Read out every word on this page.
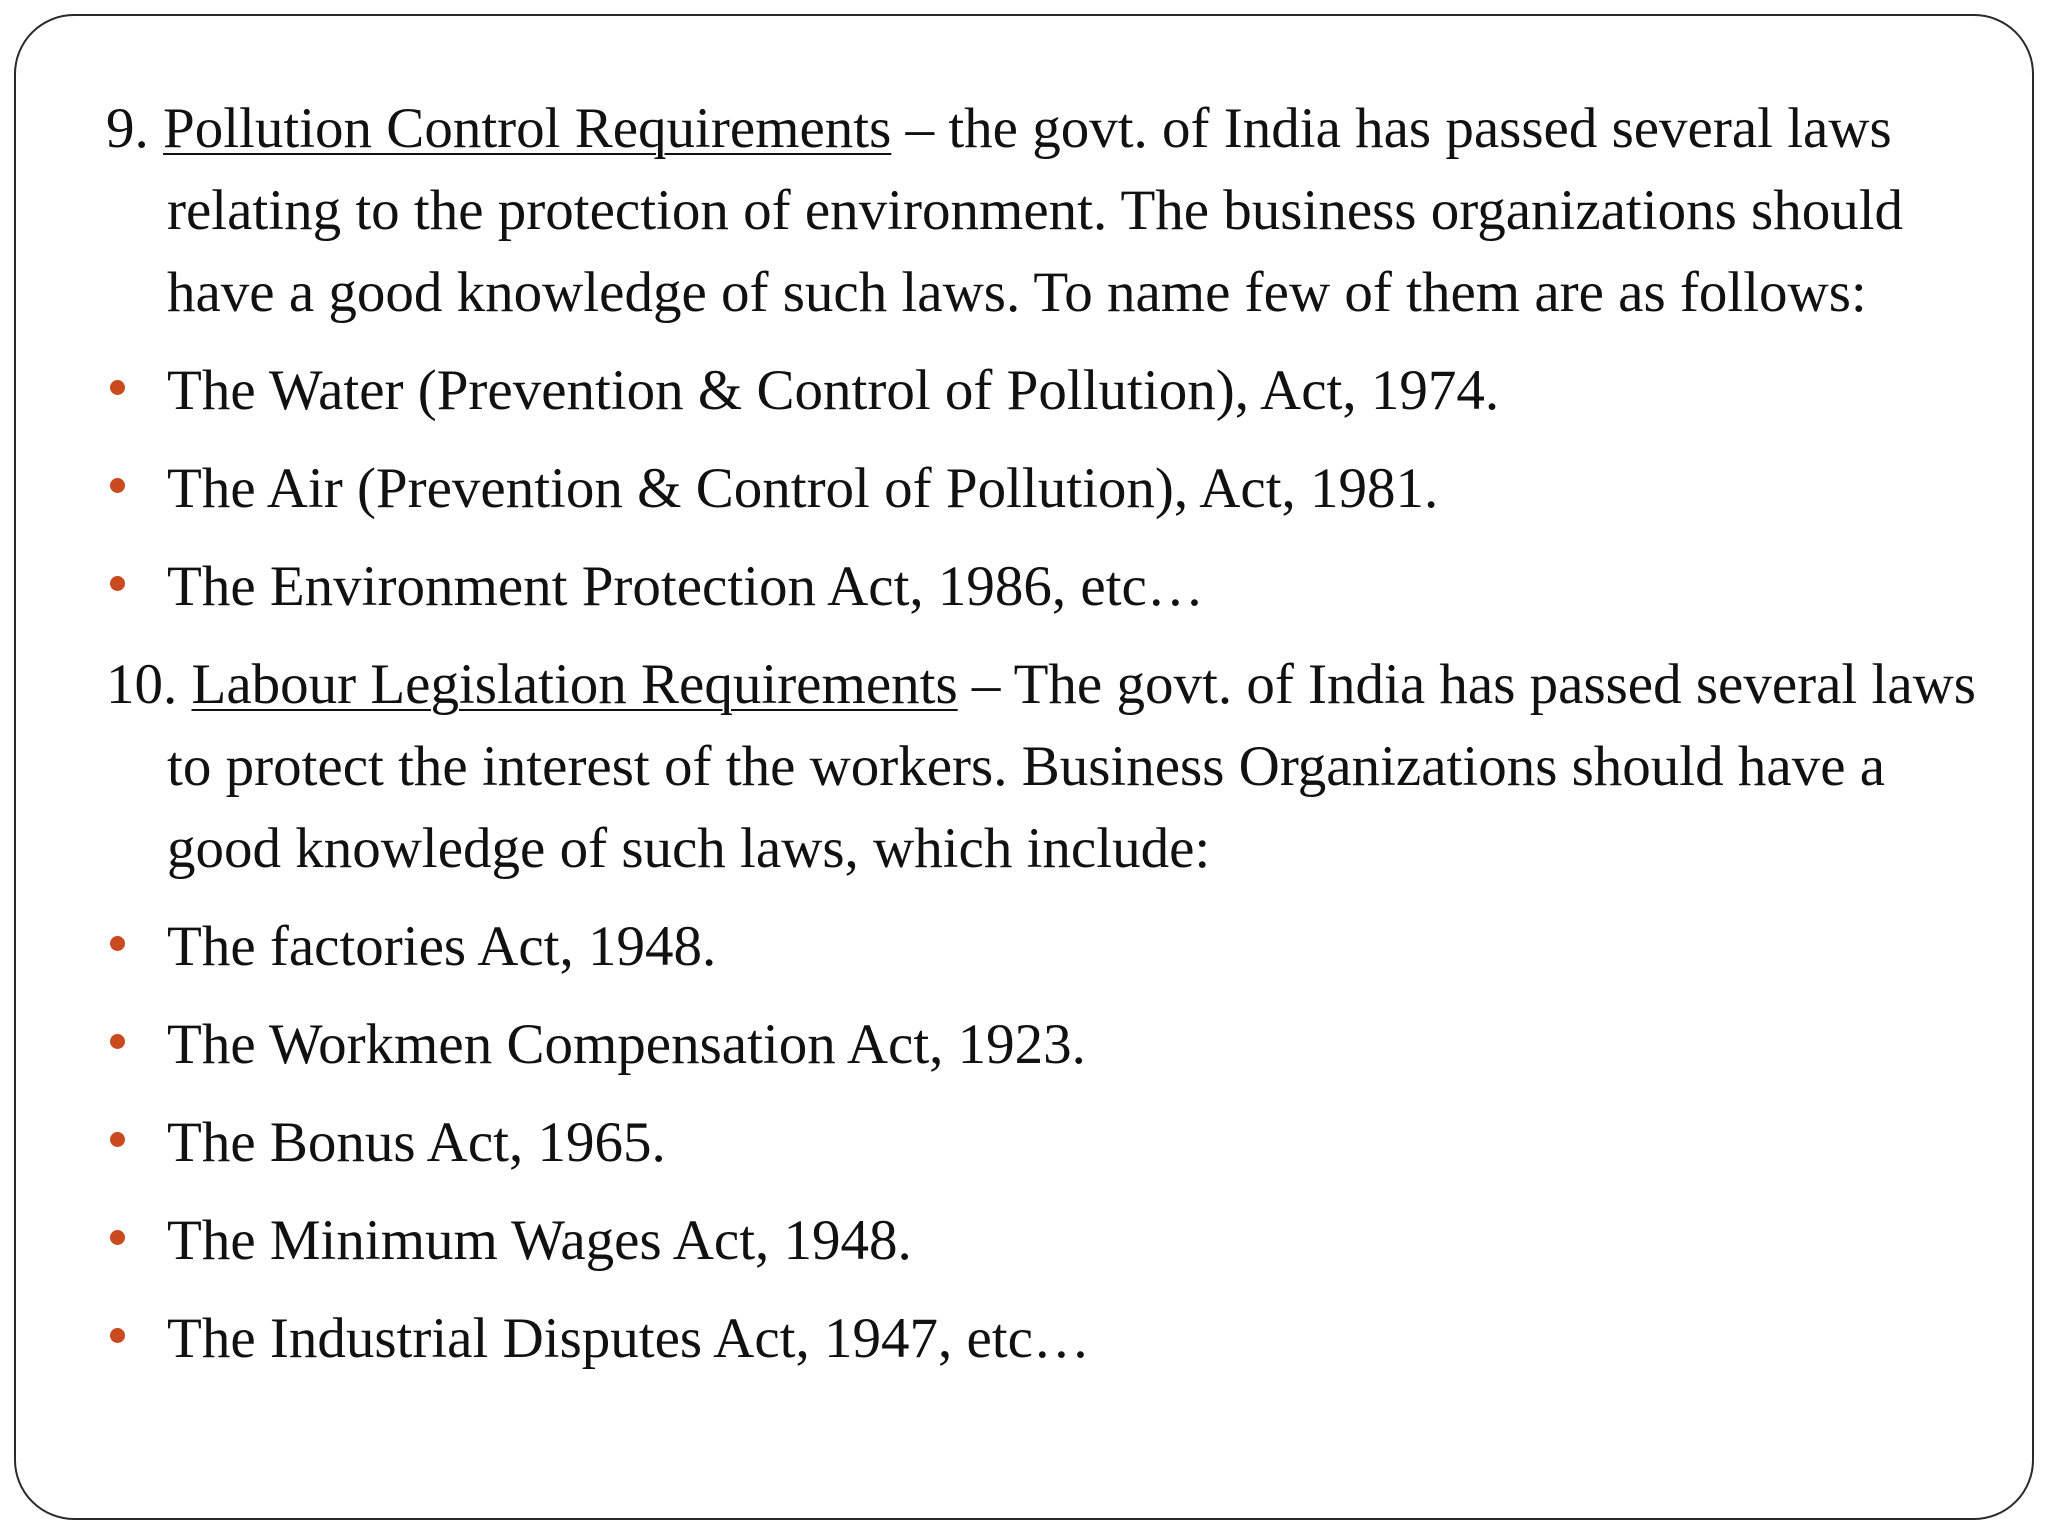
9. Pollution Control Requirements – the govt. of India has passed several laws relating to the protection of environment. The business organizations should have a good knowledge of such laws. To name few of them are as follows:

The Water (Prevention & Control of Pollution), Act, 1974.
The Air (Prevention & Control of Pollution), Act, 1981.
The Environment Protection Act, 1986, etc…

10. Labour Legislation Requirements – The govt. of India has passed several laws to protect the interest of the workers. Business Organizations should have a good knowledge of such laws, which include:

The factories Act, 1948.
The Workmen Compensation Act, 1923.
The Bonus Act, 1965.
The Minimum Wages Act, 1948.
The Industrial Disputes Act, 1947, etc…
